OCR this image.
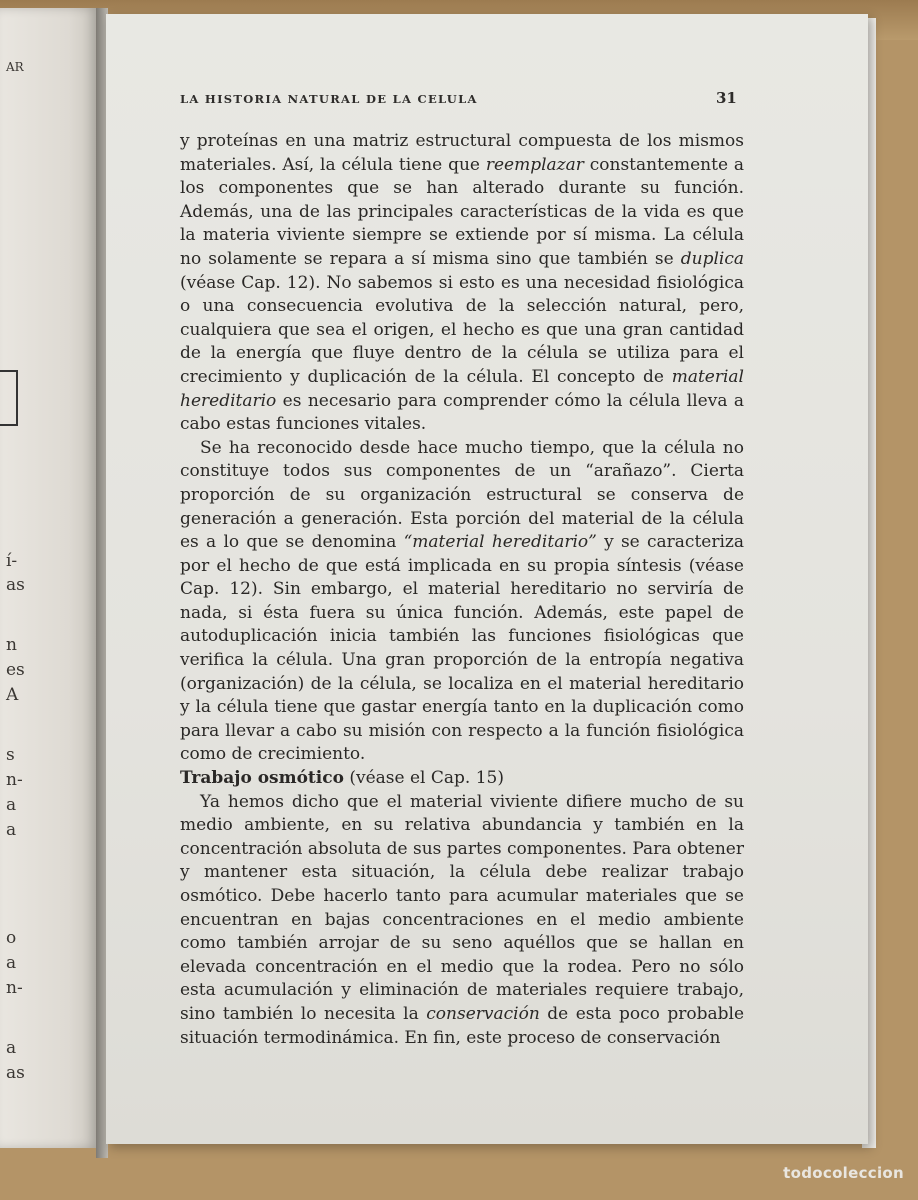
AR
í-
as
n
es
A
s
n-
a
a
o
a
n-
a
as
LA HISTORIA NATURAL DE LA CELULA	31

y proteínas en una matriz estructural compuesta de los mismos materiales. Así, la célula tiene que reemplazar constantemente a los componentes que se han alterado durante su función. Además, una de las principales características de la vida es que la materia viviente siempre se extiende por sí misma. La célula no solamente se repara a sí misma sino que también se duplica (véase Cap. 12). No sabemos si esto es una necesidad fisiológica o una consecuencia evolutiva de la selección natural, pero, cualquiera que sea el origen, el hecho es que una gran cantidad de la energía que fluye dentro de la célula se utiliza para el crecimiento y duplicación de la célula. El concepto de material hereditario es necesario para comprender cómo la célula lleva a cabo estas funciones vitales.

Se ha reconocido desde hace mucho tiempo, que la célula no constituye todos sus componentes de un “arañazo”. Cierta proporción de su organización estructural se conserva de generación a generación. Esta porción del material de la célula es a lo que se denomina “material hereditario” y se caracteriza por el hecho de que está implicada en su propia síntesis (véase Cap. 12). Sin embargo, el material hereditario no serviría de nada, si ésta fuera su única función. Además, este papel de autoduplicación inicia también las funciones fisiológicas que verifica la célula. Una gran proporción de la entropía negativa (organización) de la célula, se localiza en el material hereditario y la célula tiene que gastar energía tanto en la duplicación como para llevar a cabo su misión con respecto a la función fisiológica como de crecimiento.

Trabajo osmótico (véase el Cap. 15)

Ya hemos dicho que el material viviente difiere mucho de su medio ambiente, en su relativa abundancia y también en la concentración absoluta de sus partes componentes. Para obtener y mantener esta situación, la célula debe realizar trabajo osmótico. Debe hacerlo tanto para acumular materiales que se encuentran en bajas concentraciones en el medio ambiente como también arrojar de su seno aquéllos que se hallan en elevada concentración en el medio que la rodea. Pero no sólo esta acumulación y eliminación de materiales requiere trabajo, sino también lo necesita la conservación de esta poco probable situación termodinámica. En fin, este proceso de conservación

todocoleccion
